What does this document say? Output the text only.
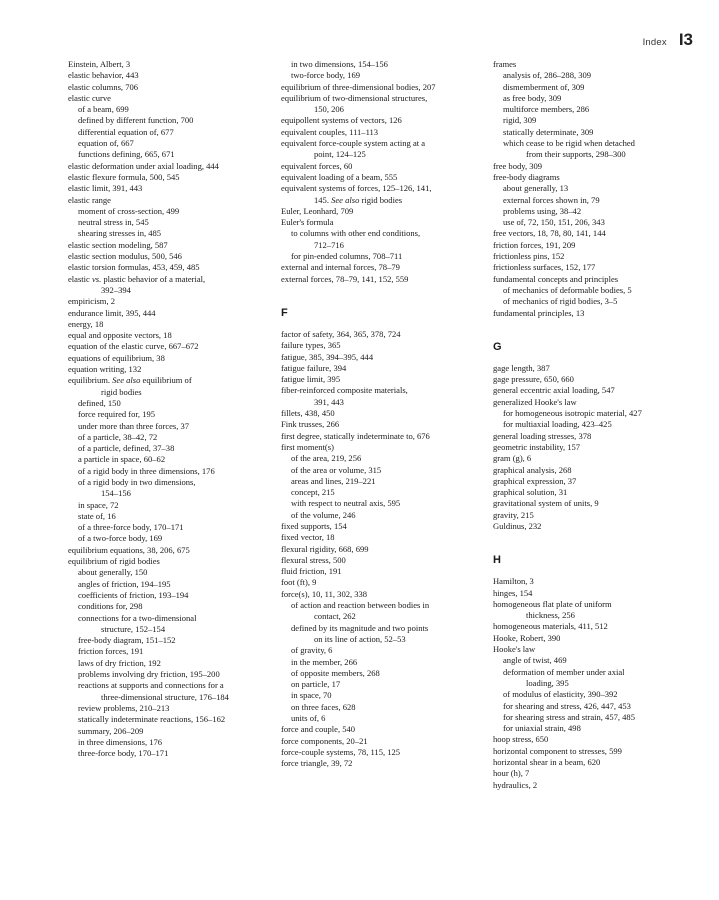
Index I3
Einstein, Albert, 3
elastic behavior, 443
elastic columns, 706
elastic curve
of a beam, 699
defined by different function, 700
differential equation of, 677
equation of, 667
functions defining, 665, 671
elastic deformation under axial loading, 444
elastic flexure formula, 500, 545
elastic limit, 391, 443
elastic range
moment of cross-section, 499
neutral stress in, 545
shearing stresses in, 485
elastic section modeling, 587
elastic section modulus, 500, 546
elastic torsion formulas, 453, 459, 485
elastic vs. plastic behavior of a material,
392–394
empiricism, 2
endurance limit, 395, 444
energy, 18
equal and opposite vectors, 18
equation of the elastic curve, 667–672
equations of equilibrium, 38
equation writing, 132
equilibrium. See also equilibrium of
rigid bodies
defined, 150
force required for, 195
under more than three forces, 37
of a particle, 38–42, 72
of a particle, defined, 37–38
a particle in space, 60–62
of a rigid body in three dimensions, 176
of a rigid body in two dimensions,
154–156
in space, 72
state of, 16
of a three-force body, 170–171
of a two-force body, 169
equilibrium equations, 38, 206, 675
equilibrium of rigid bodies
about generally, 150
angles of friction, 194–195
coefficients of friction, 193–194
conditions for, 298
connections for a two-dimensional
structure, 152–154
free-body diagram, 151–152
friction forces, 191
laws of dry friction, 192
problems involving dry friction, 195–200
reactions at supports and connections for a
three-dimensional structure, 176–184
review problems, 210–213
statically indeterminate reactions, 156–162
summary, 206–209
in three dimensions, 176
three-force body, 170–171
in two dimensions, 154–156
two-force body, 169
equilibrium of three-dimensional bodies, 207
equilibrium of two-dimensional structures,
150, 206
equipollent systems of vectors, 126
equivalent couples, 111–113
equivalent force-couple system acting at a
point, 124–125
equivalent forces, 60
equivalent loading of a beam, 555
equivalent systems of forces, 125–126, 141,
145. See also rigid bodies
Euler, Leonhard, 709
Euler's formula
to columns with other end conditions,
712–716
for pin-ended columns, 708–711
external and internal forces, 78–79
external forces, 78–79, 141, 152, 559
F
factor of safety, 364, 365, 378, 724
failure types, 365
fatigue, 385, 394–395, 444
fatigue failure, 394
fatigue limit, 395
fiber-reinforced composite materials,
391, 443
fillets, 438, 450
Fink trusses, 266
first degree, statically indeterminate to, 676
first moment(s)
of the area, 219, 256
of the area or volume, 315
areas and lines, 219–221
concept, 215
with respect to neutral axis, 595
of the volume, 246
fixed supports, 154
fixed vector, 18
flexural rigidity, 668, 699
flexural stress, 500
fluid friction, 191
foot (ft), 9
force(s), 10, 11, 302, 338
of action and reaction between bodies in
contact, 262
defined by its magnitude and two points
on its line of action, 52–53
of gravity, 6
in the member, 266
of opposite members, 268
on particle, 17
in space, 70
on three faces, 628
units of, 6
force and couple, 540
force components, 20–21
force-couple systems, 78, 115, 125
force triangle, 39, 72
frames
analysis of, 286–288, 309
dismemberment of, 309
as free body, 309
multiforce members, 286
rigid, 309
statically determinate, 309
which cease to be rigid when detached
from their supports, 298–300
free body, 309
free-body diagrams
about generally, 13
external forces shown in, 79
problems using, 38–42
use of, 72, 150, 151, 206, 343
free vectors, 18, 78, 80, 141, 144
friction forces, 191, 209
frictionless pins, 152
frictionless surfaces, 152, 177
fundamental concepts and principles
of mechanics of deformable bodies, 5
of mechanics of rigid bodies, 3–5
fundamental principles, 13
G
gage length, 387
gage pressure, 650, 660
general eccentric axial loading, 547
generalized Hooke's law
for homogeneous isotropic material, 427
for multiaxial loading, 423–425
general loading stresses, 378
geometric instability, 157
gram (g), 6
graphical analysis, 268
graphical expression, 37
graphical solution, 31
gravitational system of units, 9
gravity, 215
Guldinus, 232
H
Hamilton, 3
hinges, 154
homogeneous flat plate of uniform
thickness, 256
homogeneous materials, 411, 512
Hooke, Robert, 390
Hooke's law
angle of twist, 469
deformation of member under axial
loading, 395
of modulus of elasticity, 390–392
for shearing and stress, 426, 447, 453
for shearing stress and strain, 457, 485
for uniaxial strain, 498
hoop stress, 650
horizontal component to stresses, 599
horizontal shear in a beam, 620
hour (h), 7
hydraulics, 2
